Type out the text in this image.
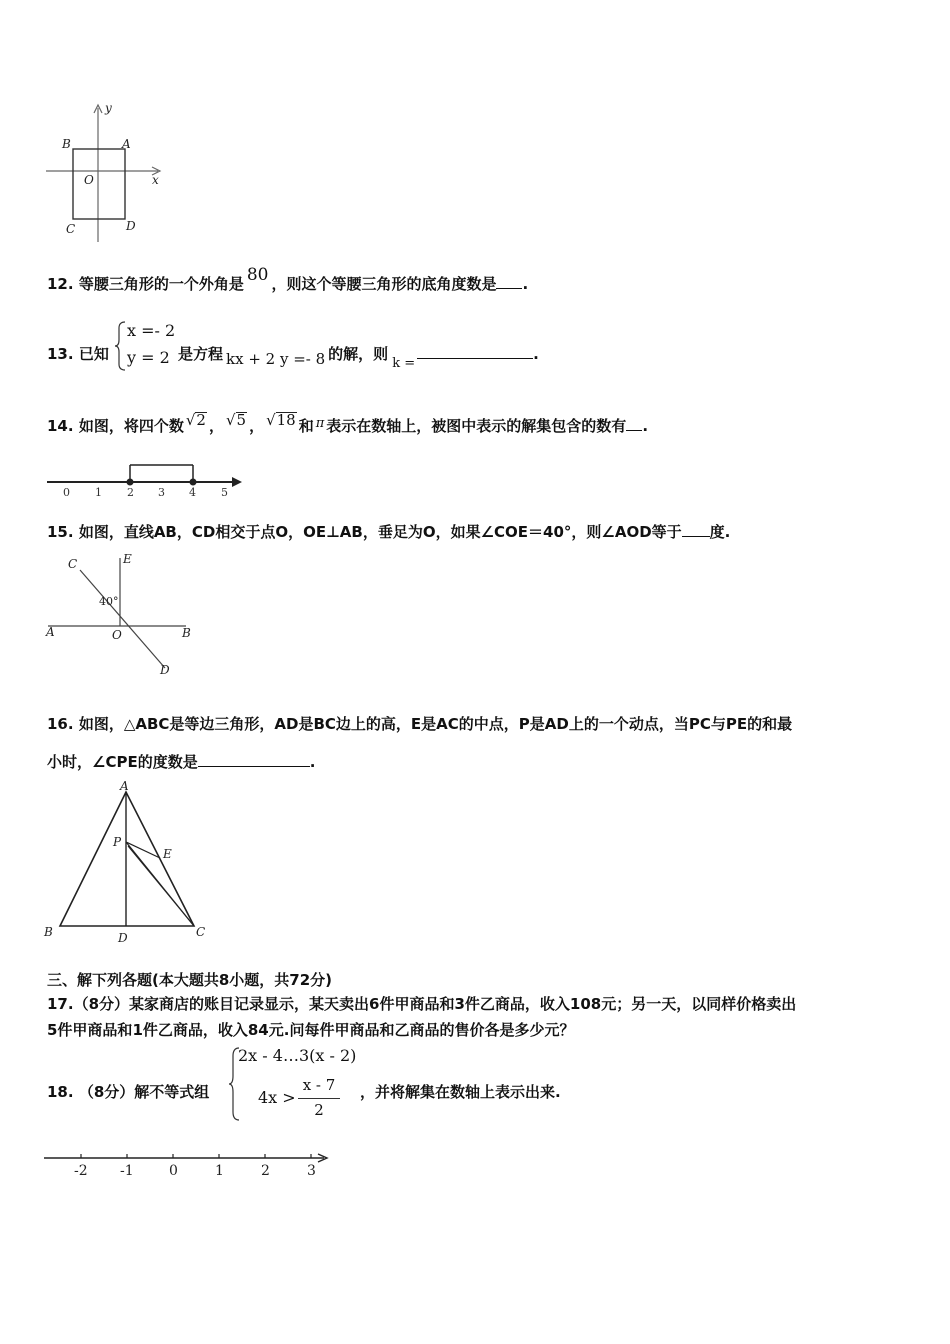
y
x
A
B
O
C	D
12. 等腰三角形的一个外角是 80 ，则这个等腰三角形的底角度数是 .
13. 已知
x =- 2
y = 2 是方程 kx + 2 y =- 8 的解，则k =.
14. 如图，将四个数 √2 ， √5 ， √18 和 π 表示在数轴上，被图中表示的解集包含的数有 .
0 1 2 3 4 5
15. 如图，直线AB，CD相交于点O，OE⊥AB，垂足为O，如果∠COE＝40°，则∠AOD等于 度.
C	E
40°
A	O	B
D
16. 如图，△ABC是等边三角形，AD是BC边上的高，E是AC的中点，P是AD上的一个动点，当PC与PE的和最
小时，∠CPE的度数是	.
A
P
E
B	D	C
三、解下列各题(本大题共8小题，共72分)
17.（8分）某家商店的账目记录显示，某天卖出6件甲商品和3件乙商品，收入108元；另一天，以同样价格卖出
5件甲商品和1件乙商品，收入84元.问每件甲商品和乙商品的售价各是多少元？
18. （8分）解不等式组
2x - 4…3(x - 2)
4x >
x - 7
2
，并将解集在数轴上表示出来.
-2 -1	0	1	2	3
